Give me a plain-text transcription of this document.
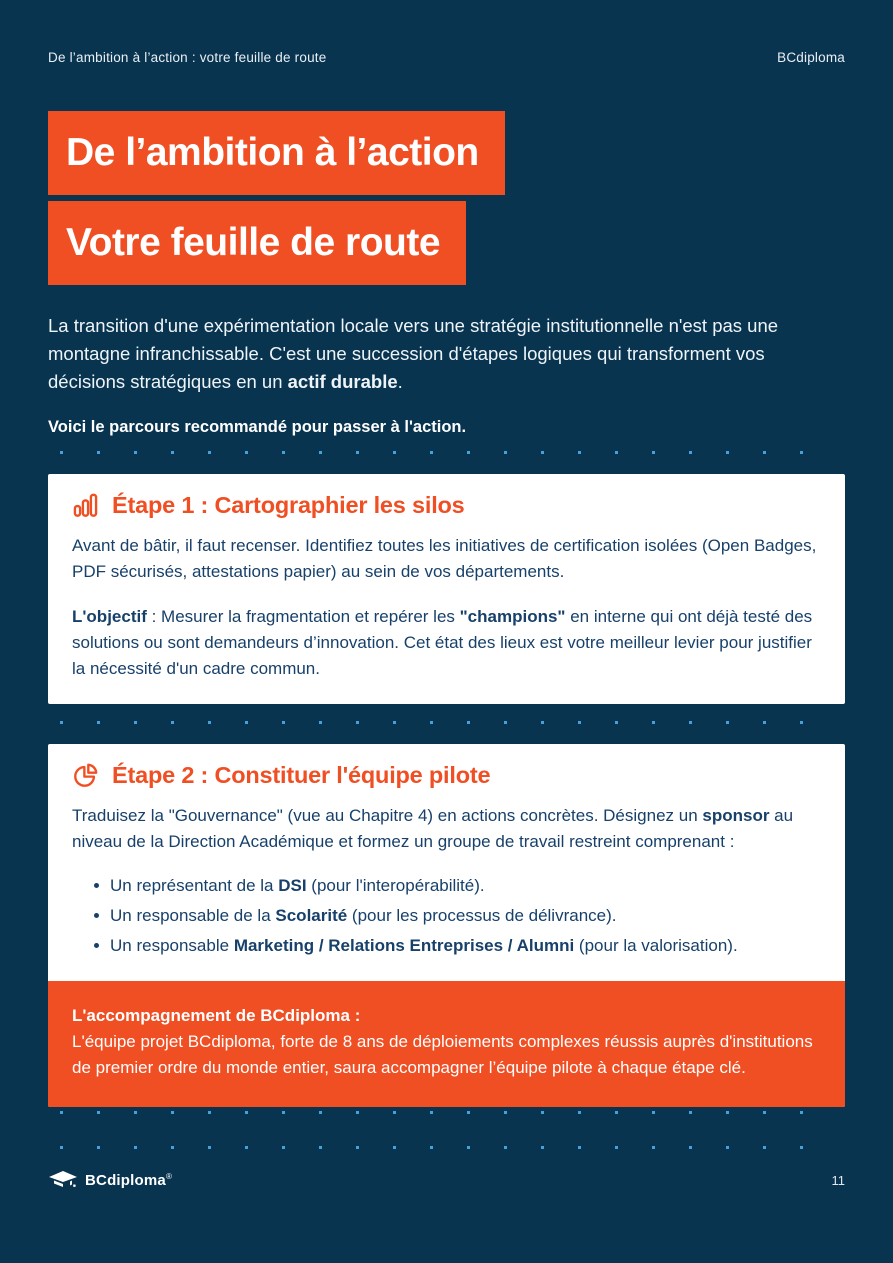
De l’ambition à l’action : votre feuille de route	BCdiploma
De l’ambition à l’action
Votre feuille de route

La transition d'une expérimentation locale vers une stratégie institutionnelle n'est pas une montagne infranchissable. C'est une succession d'étapes logiques qui transforment vos décisions stratégiques en un actif durable.

Voici le parcours recommandé pour passer à l'action.

Étape 1 : Cartographier les silos

Avant de bâtir, il faut recenser. Identifiez toutes les initiatives de certification isolées (Open Badges, PDF sécurisés, attestations papier) au sein de vos départements.

L'objectif : Mesurer la fragmentation et repérer les "champions" en interne qui ont déjà testé des solutions ou sont demandeurs d’innovation. Cet état des lieux est votre meilleur levier pour justifier la nécessité d'un cadre commun.

Étape 2 : Constituer l'équipe pilote

Traduisez la "Gouvernance" (vue au Chapitre 4) en actions concrètes. Désignez un sponsor au niveau de la Direction Académique et formez un groupe de travail restreint comprenant :

Un représentant de la DSI (pour l'interopérabilité).
Un responsable de la Scolarité (pour les processus de délivrance).
Un responsable Marketing / Relations Entreprises / Alumni (pour la valorisation).
L'accompagnement de BCdiploma :
L'équipe projet BCdiploma, forte de 8 ans de déploiements complexes réussis auprès d'institutions de premier ordre du monde entier, saura accompagner l’équipe pilote à chaque étape clé.
BCdiploma®	11
